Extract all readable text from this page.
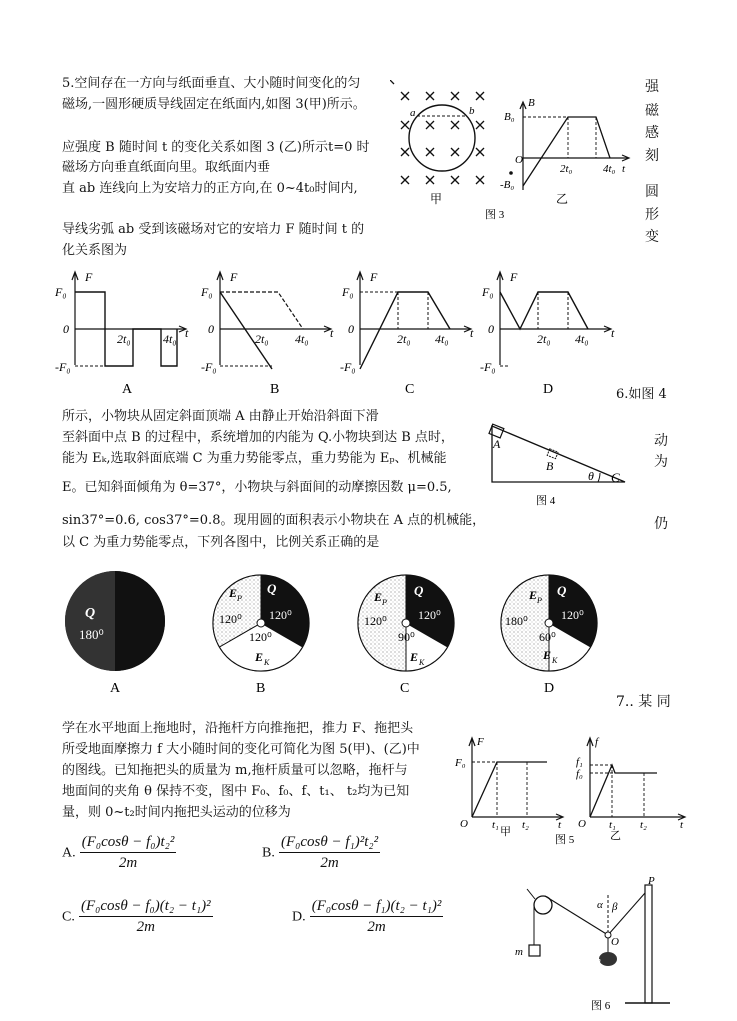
5.空间存在一方向与纸面垂直、大小随时间变化的匀
磁场,一圆形硬质导线固定在纸面内,如图 3(甲)所示。
应强度 B 随时间 t 的变化关系如图 3 (乙)所示t=0 时
磁场方向垂直纸面向里。取纸面内垂
直 ab 连线向上为安培力的正方向,在 0~4t₀时间内,
导线劣弧 ab 受到该磁场对它的安培力 F 随时间 t 的
化关系图为
强
磁
感
刻
圆
形
变
a	b
甲
B
B₀
-B₀
O
2t₀	4t₀ t
乙
图 3
F
F₀
0
-F₀
2t₀	4t₀ t
F
F₀
0
-F₀
2t₀ 4t₀ t
F
F₀
0
-F₀
2t₀ 4t₀ t
F
F₀
0
-F₀
2t₀ 4t₀ t
A	B	C	D	6.如图 4
所示，小物块从固定斜面顶端 A 由静止开始沿斜面下滑
至斜面中点 B 的过程中，系统增加的内能为 Q.小物块到达 B 点时，
能为 Eₖ,选取斜面底端 C 为重力势能零点，重力势能为 Eₚ、机械能
E。已知斜面倾角为 θ=37°，小物块与斜面间的动摩擦因数 μ=0.5,
sin37°=0.6, cos37°=0.8。现用圆的面积表示小物块在 A 点的机械能，
以 C 为重力势能零点，下列各图中，比例关系正确的是
动
为
仍
A
B
C
θ
图 4
Q
180⁰
E P
Q
120⁰ 120⁰
120⁰
E K
E P
Q
120⁰	120⁰
90⁰
E K
E P
Q
180⁰	120⁰
60⁰
E K
A	B	C	D
7.. 某 同
学在水平地面上拖地时，沿拖杆方向推拖把，推力 F、拖把头
所受地面摩擦力 f 大小随时间的变化可简化为图 5(甲)、(乙)中
的图线。已知拖把头的质量为 m,拖杆质量可以忽略，拖杆与
地面间的夹角 θ 保持不变，图中 F₀、f₀、f、t₁、 t₂均为已知
量，则 0~t₂时间内拖把头运动的位移为
F
F₀
O t₁ t₂	t
f
f₁
f₀
O t₁ t₂	t
甲	乙
图 5
A. $\frac{\text{(F₀cosθ − f₀)t₂²}}{2m}$	B. $\frac{\text{(F₀cosθ − f₁)²t₂²}}{2m}$
C. $\frac{\text{(F₀cosθ − f₀)(t₂ − t₁)²}}{2m}$	D. $\frac{\text{(F₀cosθ − f₁)(t₂ − t₁)²}}{2m}$	α β
O
P
m
m
图 6
